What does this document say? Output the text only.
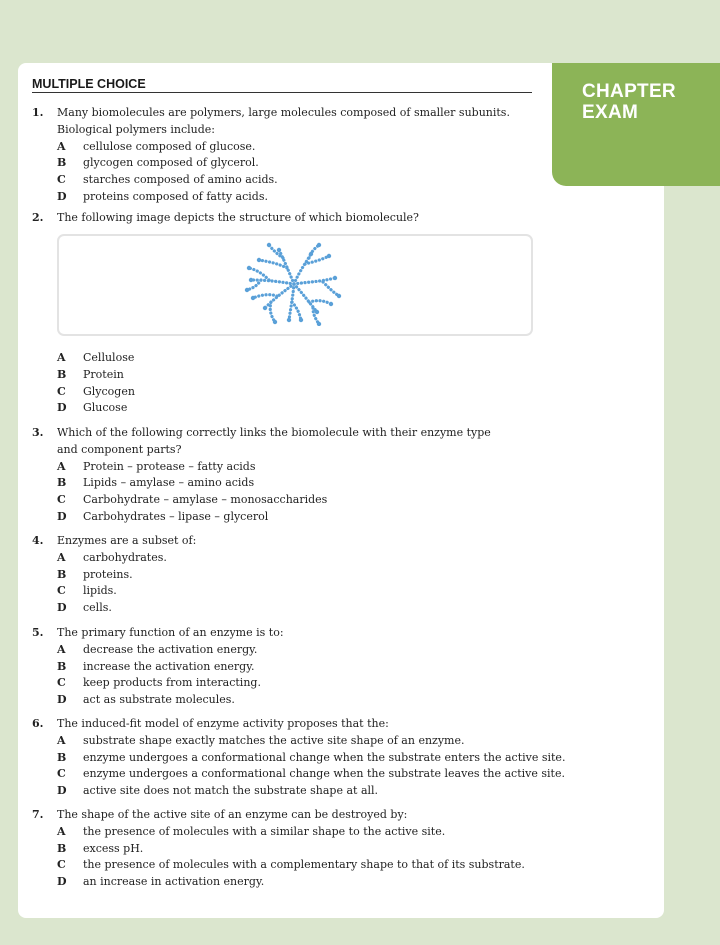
CHAPTER
EXAM
MULTIPLE CHOICE
1. Many biomolecules are polymers, large molecules composed of smaller subunits. Biological polymers include:
A	cellulose composed of glucose.
B	glycogen composed of glycerol.
C	starches composed of amino acids.
D	proteins composed of fatty acids.
2. The following image depicts the structure of which biomolecule?
A	Cellulose
B	Protein
C	Glycogen
D	Glucose
3. Which of the following correctly links the biomolecule with their enzyme type and component parts?
A	Protein – protease – fatty acids
B	Lipids – amylase – amino acids
C	Carbohydrate – amylase – monosaccharides
D	Carbohydrates – lipase – glycerol
4. Enzymes are a subset of:
A	carbohydrates.
B	proteins.
C	lipids.
D	cells.
5. The primary function of an enzyme is to:
A	decrease the activation energy.
B	increase the activation energy.
C	keep products from interacting.
D	act as substrate molecules.
6. The induced-fit model of enzyme activity proposes that the:
A	substrate shape exactly matches the active site shape of an enzyme.
B	enzyme undergoes a conformational change when the substrate enters the active site.
C	enzyme undergoes a conformational change when the substrate leaves the active site.
D	active site does not match the substrate shape at all.
7. The shape of the active site of an enzyme can be destroyed by:
A	the presence of molecules with a similar shape to the active site.
B	excess pH.
C	the presence of molecules with a complementary shape to that of its substrate.
D	an increase in activation energy.
